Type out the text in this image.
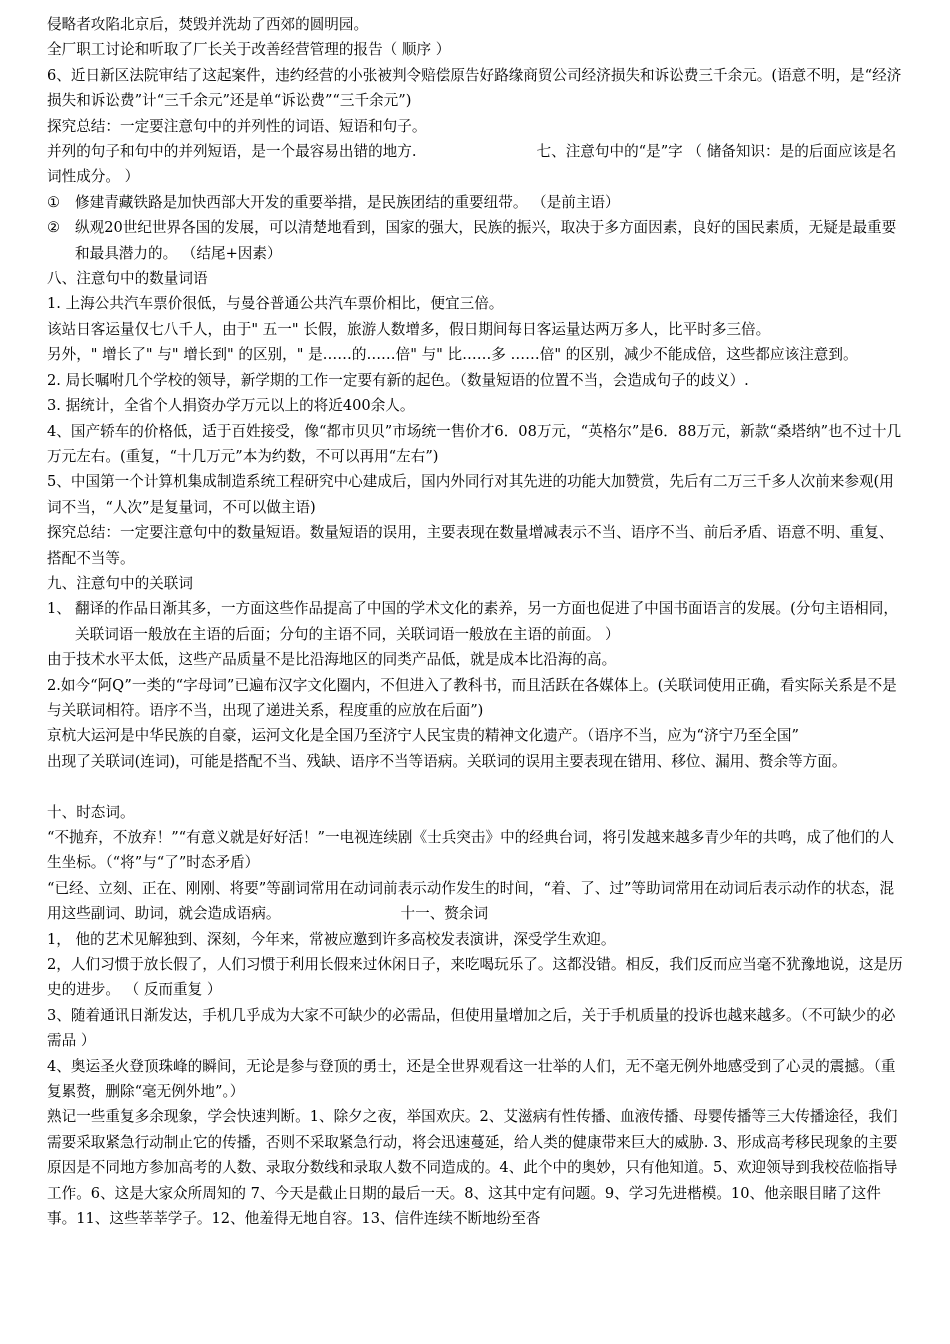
侵略者攻陷北京后，焚毁并洗劫了西郊的圆明园。

全厂职工讨论和听取了厂长关于改善经营管理的报告（ 顺序 ）

6、近日新区法院审结了这起案件，违约经营的小张被判令赔偿原告好路缘商贸公司经济损失和诉讼费三千余元。(语意不明，是“经济损失和诉讼费”计“三千余元”还是单“诉讼费”“三千余元”)

探究总结：一定要注意句中的并列性的词语、短语和句子。

并列的句子和句中的并列短语，是一个最容易出错的地方.	七、注意句中的“是”字 （ 储备知识：是的后面应该是名词性成分。 ）

① 修建青藏铁路是加快西部大开发的重要举措，是民族团结的重要纽带。 （是前主语）

② 纵观20世纪世界各国的发展，可以清楚地看到，国家的强大，民族的振兴，取决于多方面因素，良好的国民素质，无疑是最重要和最具潜力的。 （结尾+因素）

八、注意句中的数量词语

1. 上海公共汽车票价很低，与曼谷普通公共汽车票价相比，便宜三倍。

该站日客运量仅七八千人，由于" 五一" 长假，旅游人数增多，假日期间每日客运量达两万多人，比平时多三倍。

另外，" 增长了" 与" 增长到" 的区别，" 是……的……倍" 与" 比……多 ……倍" 的区别，减少不能成倍，这些都应该注意到。

2. 局长嘱咐几个学校的领导，新学期的工作一定要有新的起色。（数量短语的位置不当，会造成句子的歧义）.

3. 据统计，全省个人捐资办学万元以上的将近400余人。

4、国产轿车的价格低，适于百姓接受，像“都市贝贝”市场统一售价才6．08万元，“英格尔”是6．88万元，新款“桑塔纳”也不过十几万元左右。(重复，“十几万元”本为约数，不可以再用“左右”)

5、中国第一个计算机集成制造系统工程研究中心建成后，国内外同行对其先进的功能大加赞赏，先后有二万三千多人次前来参观(用词不当，“人次”是复量词，不可以做主语)

探究总结：一定要注意句中的数量短语。数量短语的误用，主要表现在数量增减表示不当、语序不当、前后矛盾、语意不明、重复、搭配不当等。

九、注意句中的关联词

1、 翻译的作品日渐其多，一方面这些作品提高了中国的学术文化的素养，另一方面也促进了中国书面语言的发展。(分句主语相同，关联词语一般放在主语的后面；分句的主语不同，关联词语一般放在主语的前面。 ）

由于技术水平太低，这些产品质量不是比沿海地区的同类产品低，就是成本比沿海的高。

2.如今“阿Q”一类的“字母词”已遍布汉字文化圈内，不但进入了教科书，而且活跃在各媒体上。(关联词使用正确，看实际关系是不是与关联词相符。语序不当，出现了递进关系，程度重的应放在后面”)

京杭大运河是中华民族的自豪，运河文化是全国乃至济宁人民宝贵的精神文化遗产。（语序不当，应为“济宁乃至全国”

出现了关联词(连词)，可能是搭配不当、残缺、语序不当等语病。关联词的误用主要表现在错用、移位、漏用、赘余等方面。

十、时态词。

“不抛弃，不放弃！”“有意义就是好好活！”一电视连续剧《士兵突击》中的经典台词，将引发越来越多青少年的共鸣，成了他们的人生坐标。（“将”与“了”时态矛盾）

“已经、立刻、正在、刚刚、将要”等副词常用在动词前表示动作发生的时间，“着、了、过”等助词常用在动词后表示动作的状态，混用这些副词、助词，就会造成语病。	十一、赘余词

1， 他的艺术见解独到、深刻，今年来，常被应邀到许多高校发表演讲，深受学生欢迎。

2，人们习惯于放长假了，人们习惯于利用长假来过休闲日子，来吃喝玩乐了。这都没错。相反，我们反而应当毫不犹豫地说，这是历史的进步。 （ 反而重复 ）

3、随着通讯日渐发达，手机几乎成为大家不可缺少的必需品，但使用量增加之后，关于手机质量的投诉也越来越多。（不可缺少的必需品 ）

4、奥运圣火登顶珠峰的瞬间，无论是参与登顶的勇士，还是全世界观看这一壮举的人们，无不毫无例外地感受到了心灵的震撼。（重复累赘，删除“毫无例外地”。）

熟记一些重复多余现象，学会快速判断。1、除夕之夜，举国欢庆。2、艾滋病有性传播、血液传播、母婴传播等三大传播途径，我们需要采取紧急行动制止它的传播，否则不采取紧急行动，将会迅速蔓延，给人类的健康带来巨大的威胁. 3、形成高考移民现象的主要原因是不同地方参加高考的人数、录取分数线和录取人数不同造成的。4、此个中的奥妙，只有他知道。5、欢迎领导到我校莅临指导工作。6、这是大家众所周知的 7、今天是截止日期的最后一天。8、这其中定有问题。9、学习先进楷模。10、他亲眼目睹了这件事。11、这些莘莘学子。12、他羞得无地自容。13、信件连续不断地纷至沓
